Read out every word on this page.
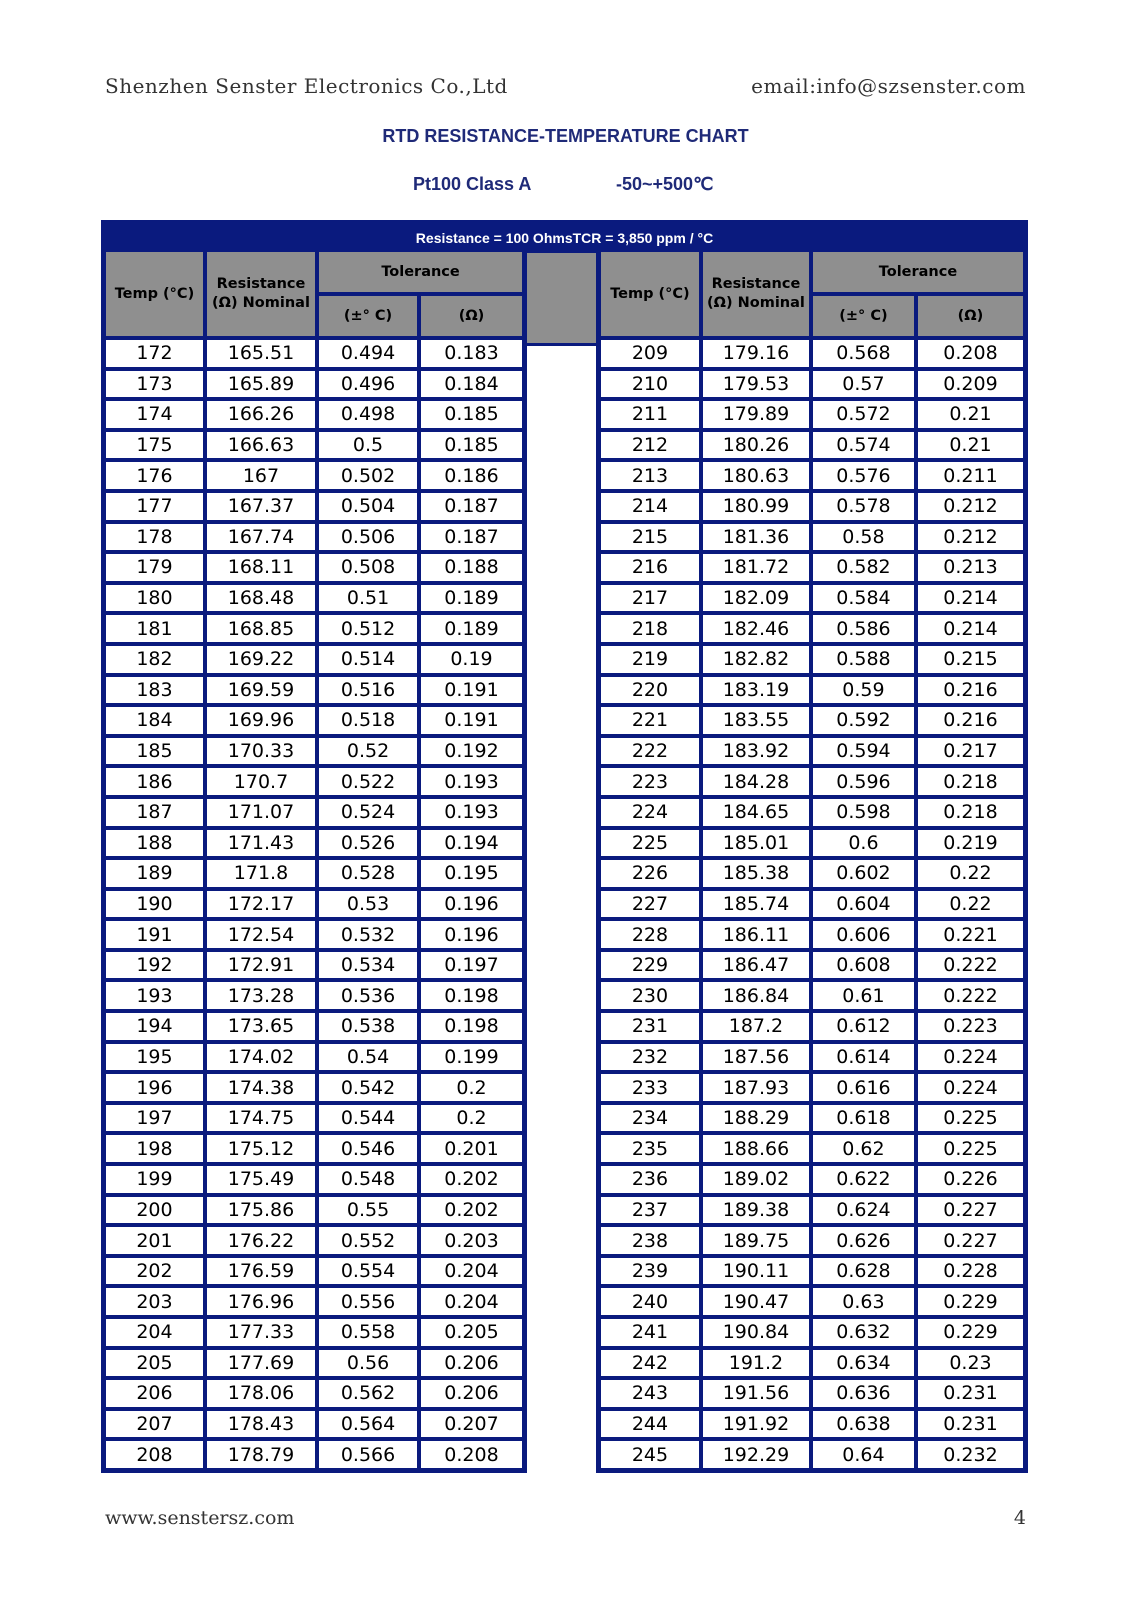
Shenzhen Senster Electronics Co.,Ltd	email:info@szsenster.com
RTD RESISTANCE-TEMPERATURE CHART
Pt100 Class A	-50~+500℃
Resistance = 100 OhmsTCR = 3,850 ppm / °C
Temp (°C)	Resistance (Ω) Nominal	Tolerance	
		(±° C)	(Ω)
172	165.51	0.494	0.183
173	165.89	0.496	0.184
174	166.26	0.498	0.185
175	166.63	0.5	0.185
176	167	0.502	0.186
177	167.37	0.504	0.187
178	167.74	0.506	0.187
179	168.11	0.508	0.188
180	168.48	0.51	0.189
181	168.85	0.512	0.189
182	169.22	0.514	0.19
183	169.59	0.516	0.191
184	169.96	0.518	0.191
185	170.33	0.52	0.192
186	170.7	0.522	0.193
187	171.07	0.524	0.193
188	171.43	0.526	0.194
189	171.8	0.528	0.195
190	172.17	0.53	0.196
191	172.54	0.532	0.196
192	172.91	0.534	0.197
193	173.28	0.536	0.198
194	173.65	0.538	0.198
195	174.02	0.54	0.199
196	174.38	0.542	0.2
197	174.75	0.544	0.2
198	175.12	0.546	0.201
199	175.49	0.548	0.202
200	175.86	0.55	0.202
201	176.22	0.552	0.203
202	176.59	0.554	0.204
203	176.96	0.556	0.204
204	177.33	0.558	0.205
205	177.69	0.56	0.206
206	178.06	0.562	0.206
207	178.43	0.564	0.207
208	178.79	0.566	0.208
Temp (°C)	Resistance (Ω) Nominal	Tolerance	
		(±° C)	(Ω)
209	179.16	0.568	0.208
210	179.53	0.57	0.209
211	179.89	0.572	0.21
212	180.26	0.574	0.21
213	180.63	0.576	0.211
214	180.99	0.578	0.212
215	181.36	0.58	0.212
216	181.72	0.582	0.213
217	182.09	0.584	0.214
218	182.46	0.586	0.214
219	182.82	0.588	0.215
220	183.19	0.59	0.216
221	183.55	0.592	0.216
222	183.92	0.594	0.217
223	184.28	0.596	0.218
224	184.65	0.598	0.218
225	185.01	0.6	0.219
226	185.38	0.602	0.22
227	185.74	0.604	0.22
228	186.11	0.606	0.221
229	186.47	0.608	0.222
230	186.84	0.61	0.222
231	187.2	0.612	0.223
232	187.56	0.614	0.224
233	187.93	0.616	0.224
234	188.29	0.618	0.225
235	188.66	0.62	0.225
236	189.02	0.622	0.226
237	189.38	0.624	0.227
238	189.75	0.626	0.227
239	190.11	0.628	0.228
240	190.47	0.63	0.229
241	190.84	0.632	0.229
242	191.2	0.634	0.23
243	191.56	0.636	0.231
244	191.92	0.638	0.231
245	192.29	0.64	0.232
www.senstersz.com	4
